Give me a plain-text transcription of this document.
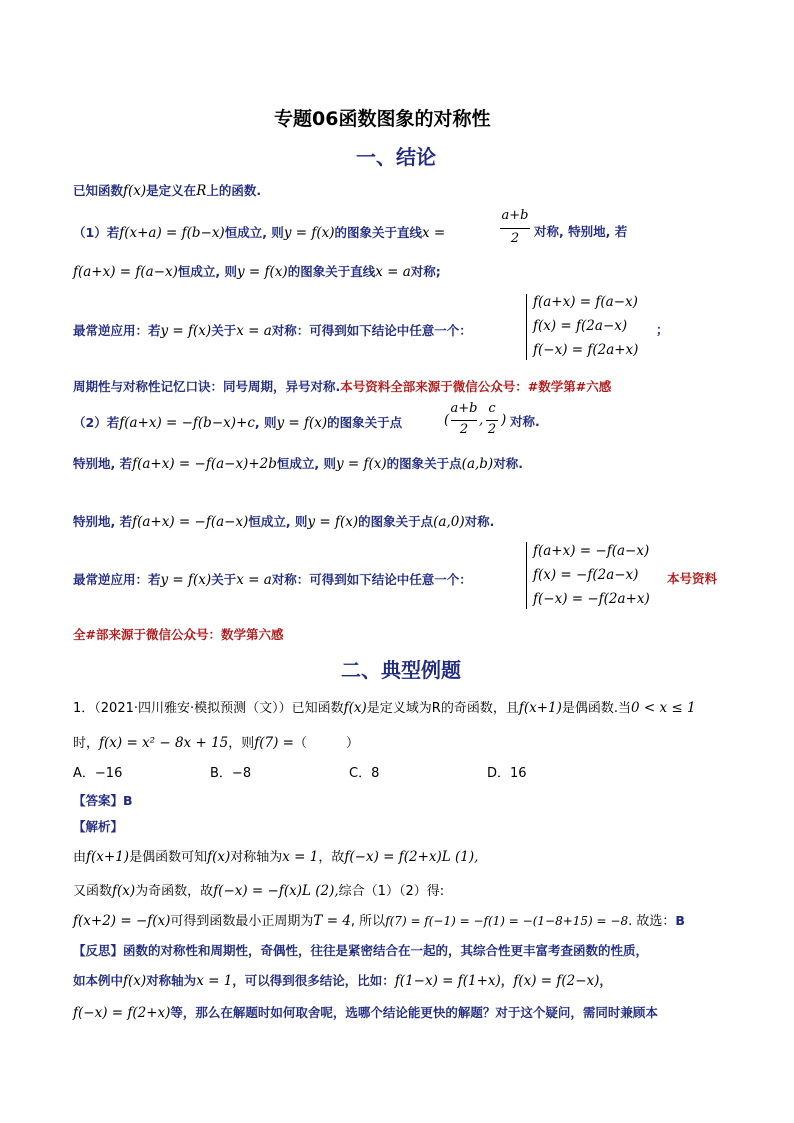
专题06函数图象的对称性
一、结论
已知函数f(x)是定义在R上的函数.
（1）若f(x+a) = f(b−x)恒成立, 则y = f(x)的图象关于直线x =
a+b
2	对称, 特别地, 若
f(a+x) = f(a−x)恒成立, 则y = f(x)的图象关于直线x = a对称;
最常逆应用：若y = f(x)关于x = a对称：可得到如下结论中任意一个：
f(a+x) = f(a−x)
f(x) = f(2a−x)
f(−x) = f(2a+x)
；
周期性与对称性记忆口诀：同号周期，异号对称.本号资料全部来源于微信公众号：#数学第#六感
（2）若f(a+x) = −f(b−x)+c, 则y = f(x)的图象关于点	(
a+b
2
,
c
2
) 对称.
特别地, 若f(a+x) = −f(a−x)+2b恒成立, 则y = f(x)的图象关于点(a,b)对称.
特别地, 若f(a+x) = −f(a−x)恒成立, 则y = f(x)的图象关于点(a,0)对称.
最常逆应用：若y = f(x)关于x = a对称：可得到如下结论中任意一个：
f(a+x) = −f(a−x)
f(x) = −f(2a−x)
f(−x) = −f(2a+x)
本号资料
全#部来源于微信公众号：数学第六感
二、典型例题
1．（2021·四川雅安·模拟预测（文））已知函数f(x)是定义域为R的奇函数，且f(x+1)是偶函数.当0 < x ≤ 1
时，f(x) = x² − 8x + 15，则f(7) =（　　　）
A．−16	B．−8	C．8	D．16
【答案】B
【解析】
由f(x+1)是偶函数可知f(x)对称轴为x = 1，故f(−x) = f(2+x)L (1),
又函数f(x)为奇函数，故f(−x) = −f(x)L (2),综合（1）（2）得:
f(x+2) = −f(x)可得到函数最小正周期为T = 4, 所以f(7) = f(−1) = −f(1) = −(1−8+15) = −8. 故选：B
【反思】函数的对称性和周期性，奇偶性，往往是紧密结合在一起的，其综合性更丰富考查函数的性质，
如本例中f(x)对称轴为x = 1，可以得到很多结论，比如：f(1−x) = f(1+x)，f(x) = f(2−x)，
f(−x) = f(2+x)等，那么在解题时如何取舍呢，选哪个结论能更快的解题？对于这个疑问，需同时兼顾本
